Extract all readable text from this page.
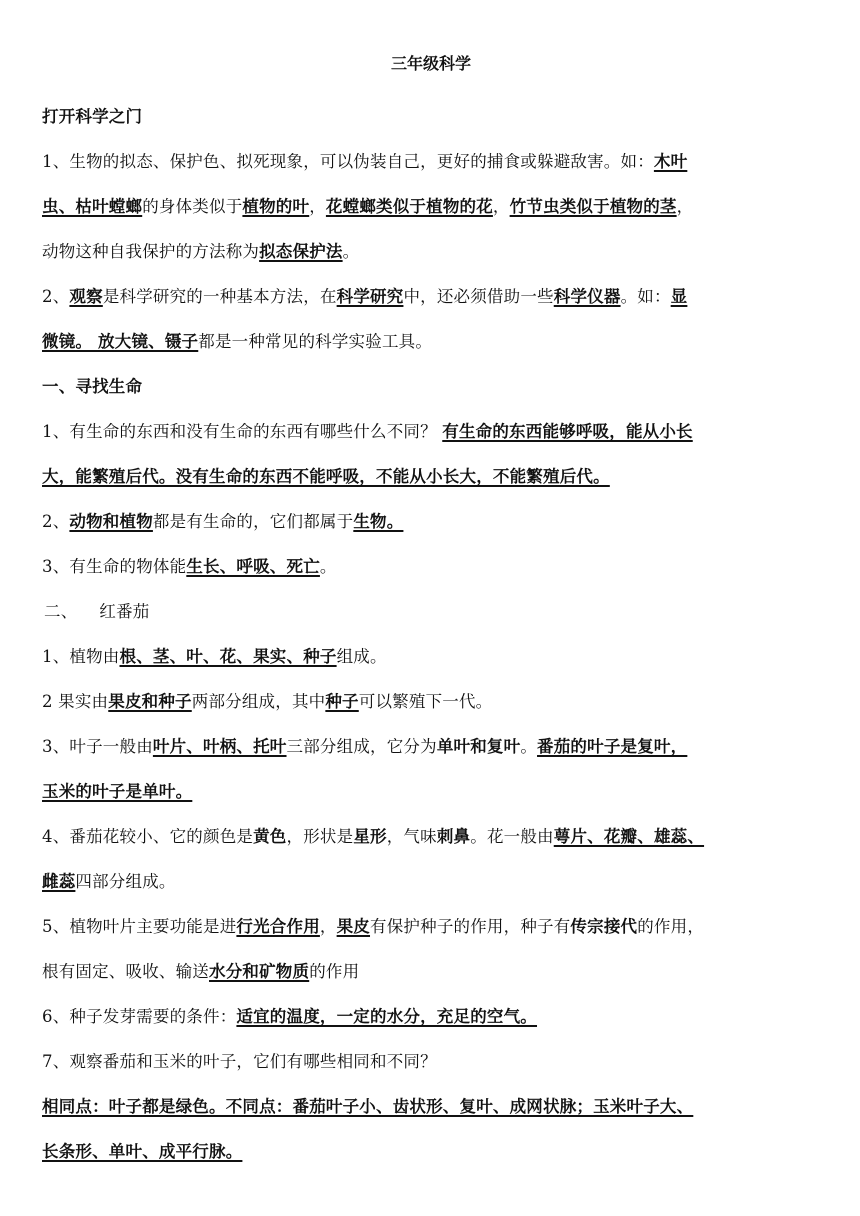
三年级科学
打开科学之门
1、生物的拟态、保护色、拟死现象，可以伪装自己，更好的捕食或躲避敌害。如：木叶
虫、枯叶螳螂的身体类似于植物的叶，花螳螂类似于植物的花，竹节虫类似于植物的茎，
动物这种自我保护的方法称为拟态保护法。
2、观察是科学研究的一种基本方法，在科学研究中，还必须借助一些科学仪器。如：显
微镜。 放大镜、镊子都是一种常见的科学实验工具。
一、寻找生命
1、有生命的东西和没有生命的东西有哪些什么不同？ 有生命的东西能够呼吸，能从小长
大，能繁殖后代。没有生命的东西不能呼吸，不能从小长大，不能繁殖后代。
2、动物和植物都是有生命的，它们都属于生物。
3、有生命的物体能生长、呼吸、死亡。
二、 红番茄
1、植物由根、茎、叶、花、果实、种子组成。
2 果实由果皮和种子两部分组成，其中种子可以繁殖下一代。
3、叶子一般由叶片、叶柄、托叶三部分组成，它分为单叶和复叶。番茄的叶子是复叶，
玉米的叶子是单叶。
4、番茄花较小、它的颜色是黄色，形状是星形，气味刺鼻。花一般由萼片、花瓣、雄蕊、
雌蕊四部分组成。
5、植物叶片主要功能是进行光合作用，果皮有保护种子的作用，种子有传宗接代的作用，
根有固定、吸收、输送水分和矿物质的作用
6、种子发芽需要的条件：适宜的温度，一定的水分，充足的空气。
7、观察番茄和玉米的叶子，它们有哪些相同和不同？
相同点：叶子都是绿色。不同点：番茄叶子小、齿状形、复叶、成网状脉；玉米叶子大、
长条形、单叶、成平行脉。
